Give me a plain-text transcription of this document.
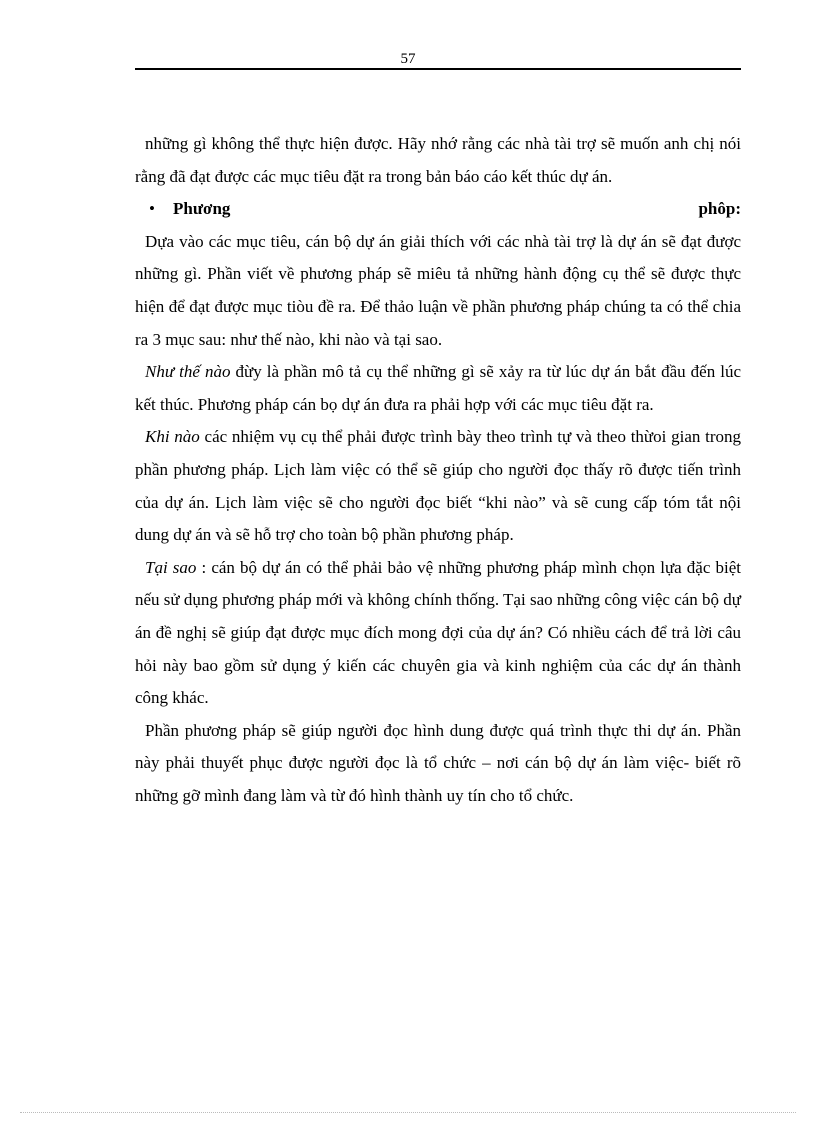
57

những gì không thể thực hiện được. Hãy nhớ rằng các nhà tài trợ sẽ muốn anh chị nói rằng đã đạt được các mục tiêu đặt ra trong bản báo cáo kết thúc dự án.

•	Phương	phôp:

Dựa vào các mục tiêu, cán bộ dự án giải thích với các nhà tài trợ là dự án sẽ đạt được những gì. Phần viết về phương pháp sẽ miêu tả những hành động cụ thể sẽ được thực hiện để đạt được mục tiòu đề ra. Để thảo luận về phần phương pháp chúng ta có thể chia ra 3 mục sau: như thế nào, khi nào và tại sao.

Như thế nào đừy là phần mô tả cụ thể những gì sẽ xảy ra từ lúc dự án bắt đầu đến lúc kết thúc. Phương pháp cán bọ dự án đưa ra phải hợp với các mục tiêu đặt ra.

Khi nào các nhiệm vụ cụ thể phải được trình bày theo trình tự và theo thừoi gian trong phần phương pháp. Lịch làm việc có thể sẽ giúp cho người đọc thấy rõ được tiến trình của dự án. Lịch làm việc sẽ cho người đọc biết “khi nào” và sẽ cung cấp tóm tắt nội dung dự án và sẽ hỗ trợ cho toàn bộ phần phương pháp.

Tại sao : cán bộ dự án có thể phải bảo vệ những phương pháp mình chọn lựa đặc biệt nếu sử dụng phương pháp mới và không chính thống. Tại sao những công việc cán bộ dự án đề nghị sẽ giúp đạt được mục đích mong đợi của dự án? Có nhiều cách để trả lời câu hỏi này bao gồm sử dụng ý kiến các chuyên gia và kinh nghiệm của các dự án thành công khác.

Phần phương pháp sẽ giúp người đọc hình dung được quá trình thực thi dự án. Phần này phải thuyết phục được người đọc là tổ chức – nơi cán bộ dự án làm việc- biết rõ những gỡ mình đang làm và từ đó hình thành uy tín cho tổ chức.
